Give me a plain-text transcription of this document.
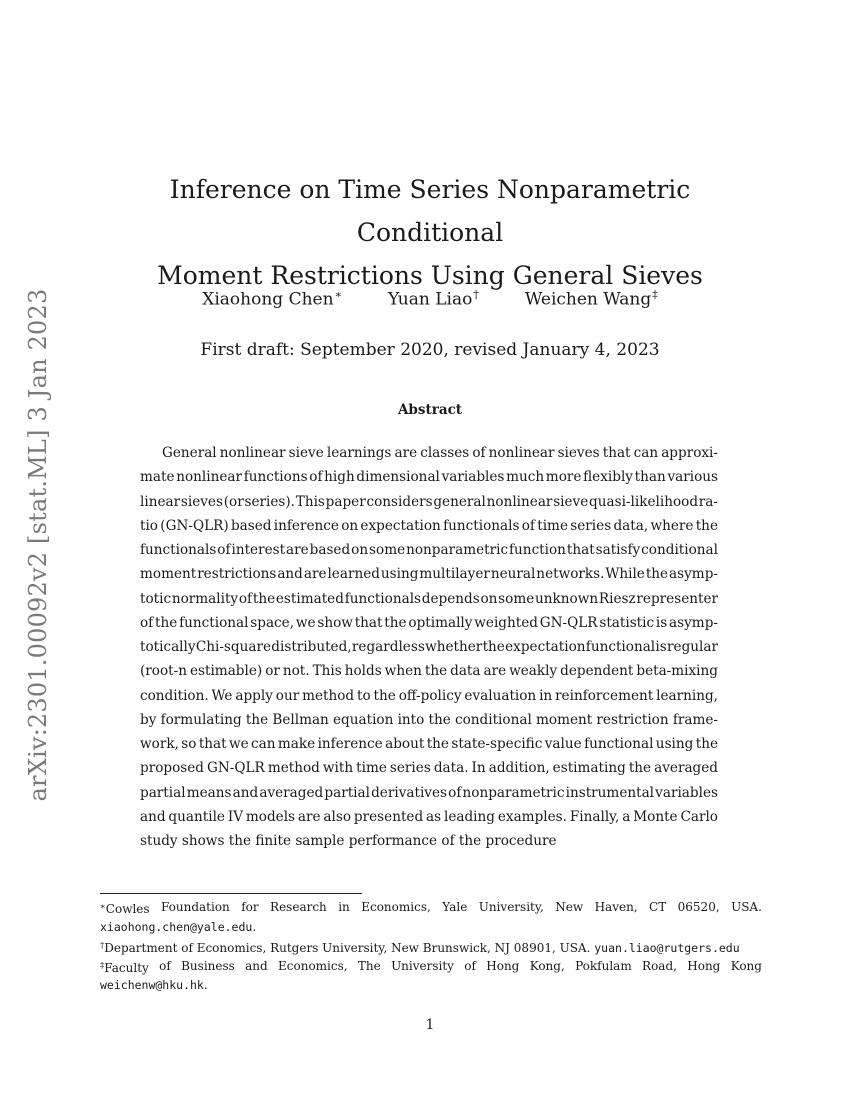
arXiv:2301.00092v2 [stat.ML] 3 Jan 2023
Inference on Time Series Nonparametric Conditional
Moment Restrictions Using General Sieves
Xiaohong Chen∗	Yuan Liao†	Weichen Wang‡
First draft: September 2020, revised January 4, 2023
Abstract
General nonlinear sieve learnings are classes of nonlinear sieves that can approxi-
mate nonlinear functions of high dimensional variables much more flexibly than various
linear sieves (or series). This paper considers general nonlinear sieve quasi-likelihood ra-
tio (GN-QLR) based inference on expectation functionals of time series data, where the
functionals of interest are based on some nonparametric function that satisfy conditional
moment restrictions and are learned using multilayer neural networks. While the asymp-
totic normality of the estimated functionals depends on some unknown Riesz representer
of the functional space, we show that the optimally weighted GN-QLR statistic is asymp-
totically Chi-square distributed, regardless whether the expectation functional is regular
(root-n estimable) or not. This holds when the data are weakly dependent beta-mixing
condition. We apply our method to the off-policy evaluation in reinforcement learning,
by formulating the Bellman equation into the conditional moment restriction frame-
work, so that we can make inference about the state-specific value functional using the
proposed GN-QLR method with time series data. In addition, estimating the averaged
partial means and averaged partial derivatives of nonparametric instrumental variables
and quantile IV models are also presented as leading examples. Finally, a Monte Carlo
study shows the finite sample performance of the procedure
∗Cowles Foundation for Research in Economics, Yale University, New Haven, CT 06520, USA.
xiaohong.chen@yale.edu.
†Department of Economics, Rutgers University, New Brunswick, NJ 08901, USA. yuan.liao@rutgers.edu
‡Faculty of Business and Economics, The University of Hong Kong, Pokfulam Road, Hong Kong
weichenw@hku.hk.
1
